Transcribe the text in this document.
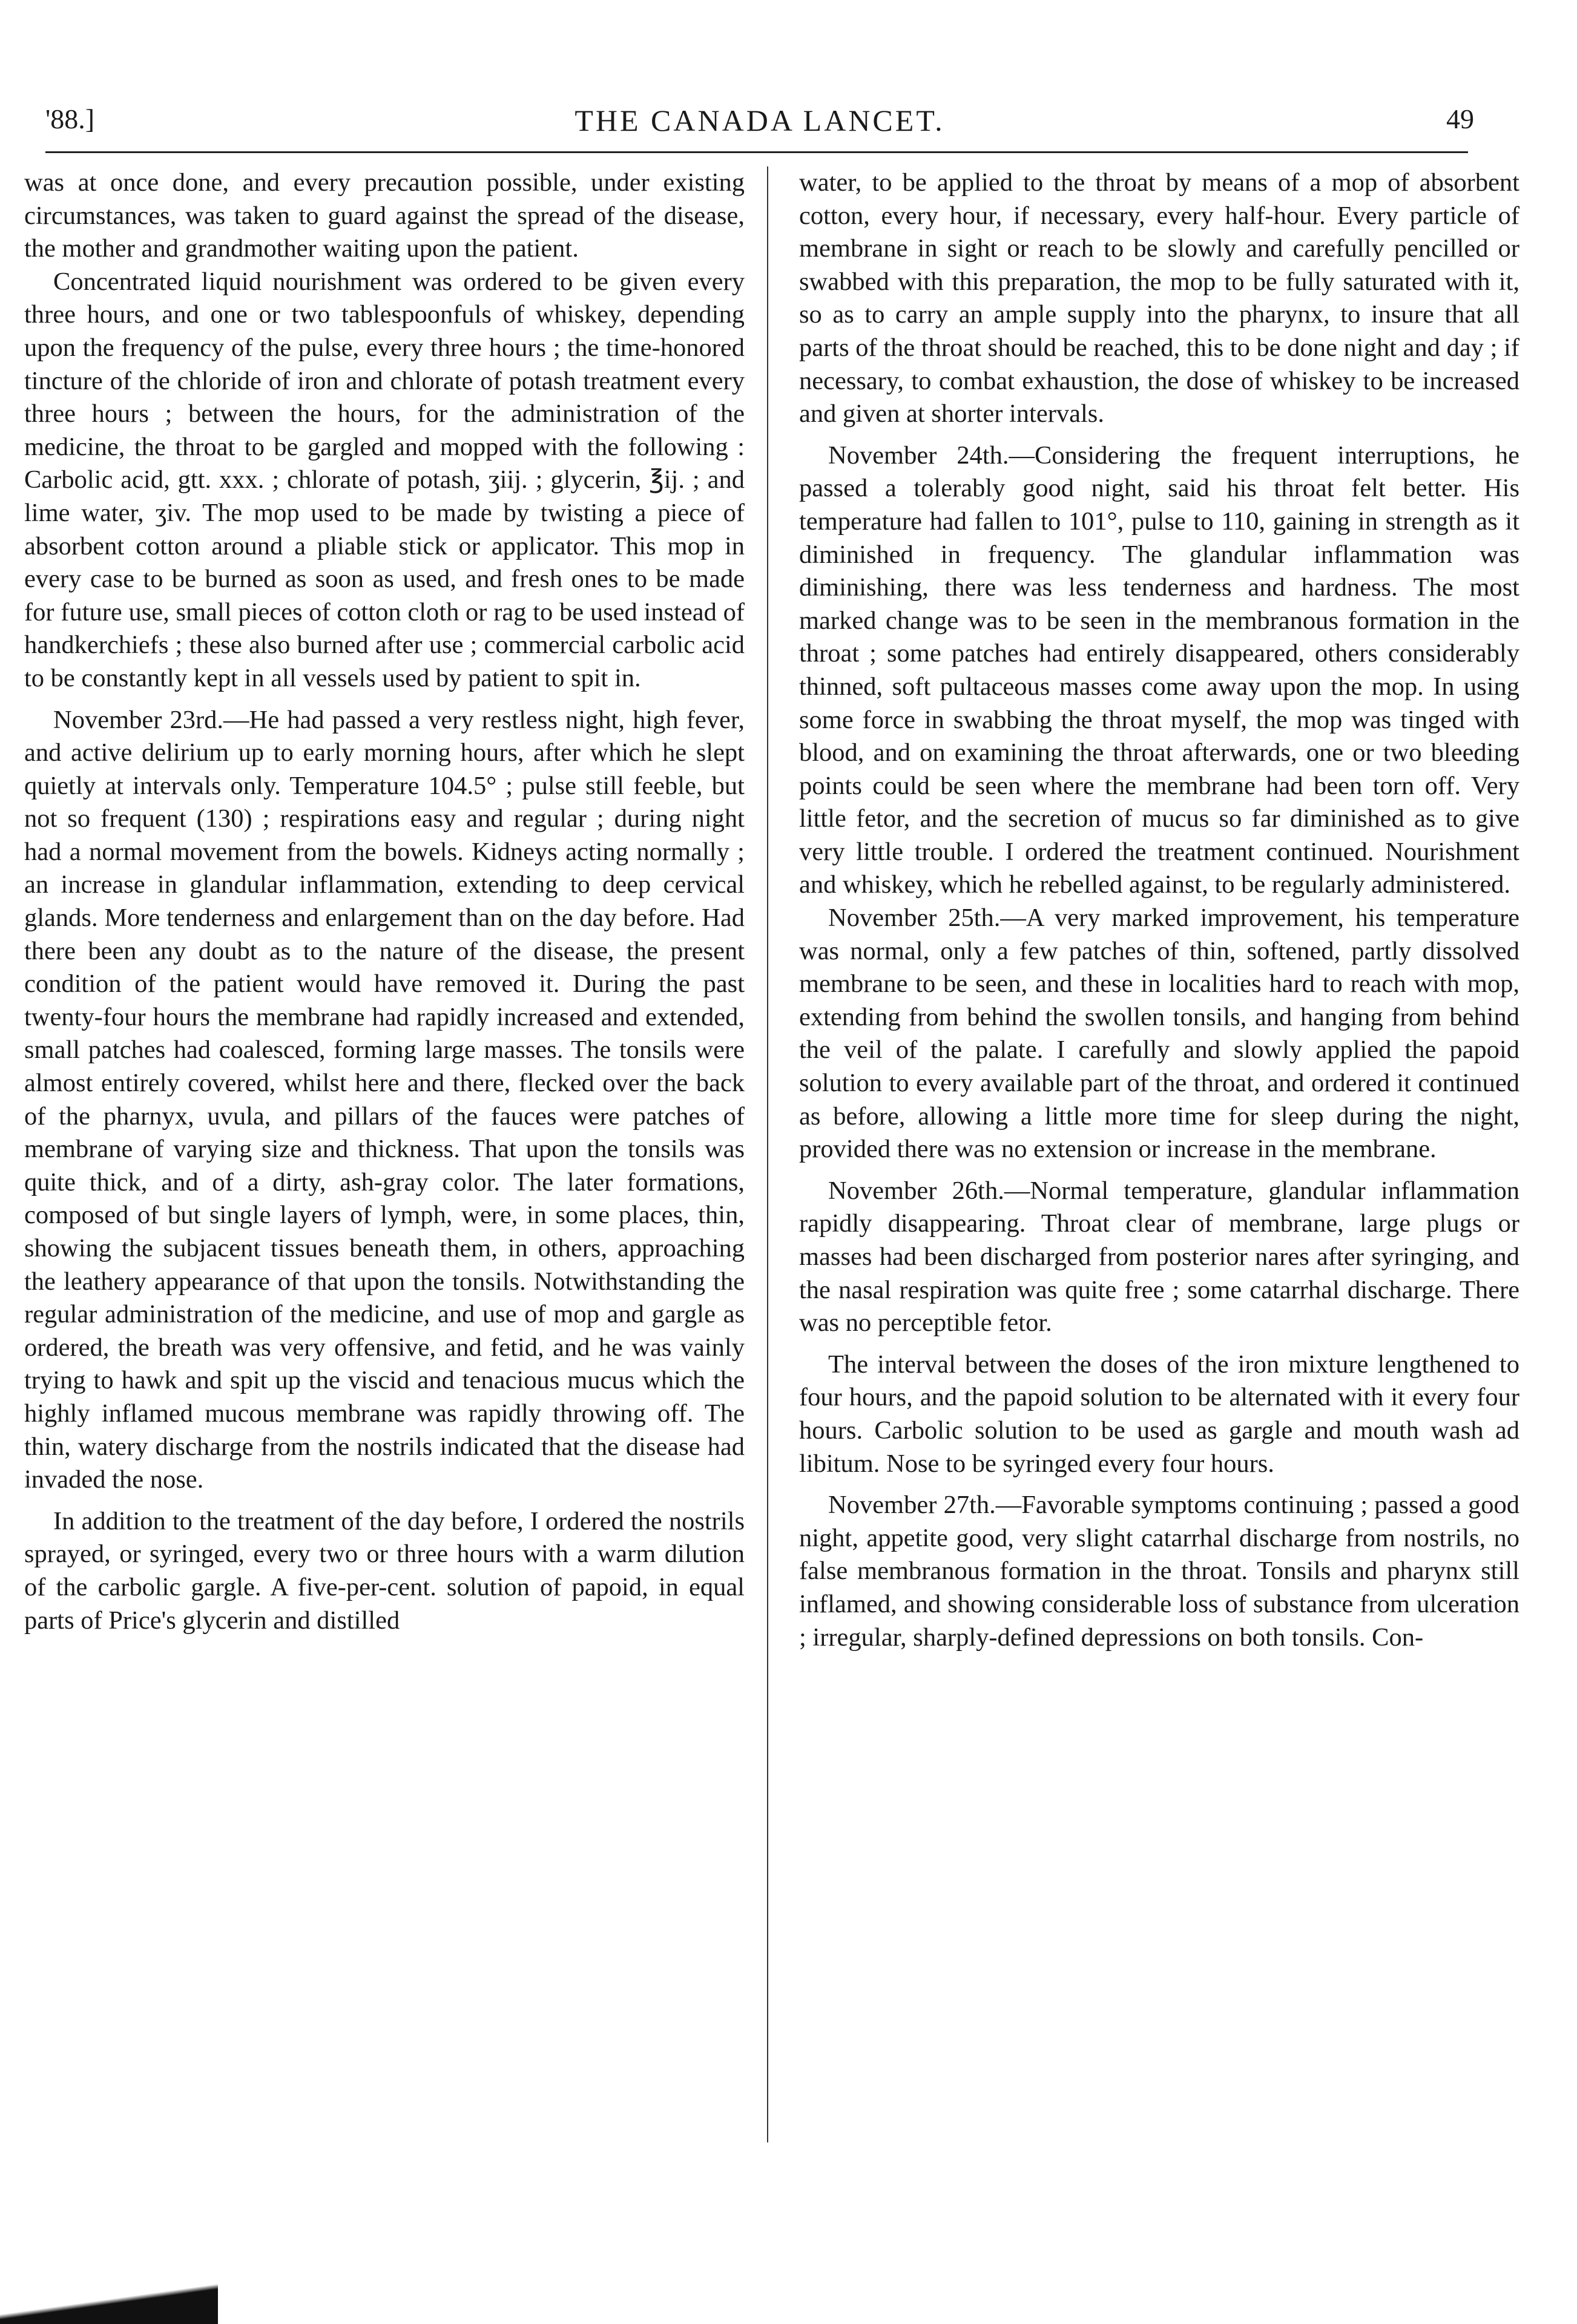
'88.]	THE CANADA LANCET.	49

was at once done, and every precaution possible, under existing circumstances, was taken to guard against the spread of the disease, the mother and grandmother waiting upon the patient.

Concentrated liquid nourishment was ordered to be given every three hours, and one or two tablespoonfuls of whiskey, depending upon the frequency of the pulse, every three hours ; the time-honored tincture of the chloride of iron and chlorate of potash treatment every three hours ; between the hours, for the administration of the medicine, the throat to be gargled and mopped with the following : Carbolic acid, gtt. xxx. ; chlorate of potash, ʒiij. ; glycerin, ℥ij. ; and lime water, ʒiv. The mop used to be made by twisting a piece of absorbent cotton around a pliable stick or applicator. This mop in every case to be burned as soon as used, and fresh ones to be made for future use, small pieces of cotton cloth or rag to be used instead of handkerchiefs ; these also burned after use ; commercial carbolic acid to be constantly kept in all vessels used by patient to spit in.

November 23rd.—He had passed a very restless night, high fever, and active delirium up to early morning hours, after which he slept quietly at intervals only. Temperature 104.5° ; pulse still feeble, but not so frequent (130) ; respirations easy and regular ; during night had a normal movement from the bowels. Kidneys acting normally ; an increase in glandular inflammation, extending to deep cervical glands. More tenderness and enlargement than on the day before. Had there been any doubt as to the nature of the disease, the present condition of the patient would have removed it. During the past twenty-four hours the membrane had rapidly increased and extended, small patches had coalesced, forming large masses. The tonsils were almost entirely covered, whilst here and there, flecked over the back of the pharnyx, uvula, and pillars of the fauces were patches of membrane of varying size and thickness. That upon the tonsils was quite thick, and of a dirty, ash-gray color. The later formations, composed of but single layers of lymph, were, in some places, thin, showing the subjacent tissues beneath them, in others, approaching the leathery appearance of that upon the tonsils. Notwithstanding the regular administration of the medicine, and use of mop and gargle as ordered, the breath was very offensive, and fetid, and he was vainly trying to hawk and spit up the viscid and tenacious mucus which the highly inflamed mucous membrane was rapidly throwing off. The thin, watery discharge from the nostrils indicated that the disease had invaded the nose.

In addition to the treatment of the day before, I ordered the nostrils sprayed, or syringed, every two or three hours with a warm dilution of the carbolic gargle. A five-per-cent. solution of papoid, in equal parts of Price's glycerin and distilled

water, to be applied to the throat by means of a mop of absorbent cotton, every hour, if necessary, every half-hour. Every particle of membrane in sight or reach to be slowly and carefully pencilled or swabbed with this preparation, the mop to be fully saturated with it, so as to carry an ample supply into the pharynx, to insure that all parts of the throat should be reached, this to be done night and day ; if necessary, to combat exhaustion, the dose of whiskey to be increased and given at shorter intervals.

November 24th.—Considering the frequent interruptions, he passed a tolerably good night, said his throat felt better. His temperature had fallen to 101°, pulse to 110, gaining in strength as it diminished in frequency. The glandular inflammation was diminishing, there was less tenderness and hardness. The most marked change was to be seen in the membranous formation in the throat ; some patches had entirely disappeared, others considerably thinned, soft pultaceous masses come away upon the mop. In using some force in swabbing the throat myself, the mop was tinged with blood, and on examining the throat afterwards, one or two bleeding points could be seen where the membrane had been torn off. Very little fetor, and the secretion of mucus so far diminished as to give very little trouble. I ordered the treatment continued. Nourishment and whiskey, which he rebelled against, to be regularly administered.

November 25th.—A very marked improvement, his temperature was normal, only a few patches of thin, softened, partly dissolved membrane to be seen, and these in localities hard to reach with mop, extending from behind the swollen tonsils, and hanging from behind the veil of the palate. I carefully and slowly applied the papoid solution to every available part of the throat, and ordered it continued as before, allowing a little more time for sleep during the night, provided there was no extension or increase in the membrane.

November 26th.—Normal temperature, glandular inflammation rapidly disappearing. Throat clear of membrane, large plugs or masses had been discharged from posterior nares after syringing, and the nasal respiration was quite free ; some catarrhal discharge. There was no perceptible fetor.

The interval between the doses of the iron mixture lengthened to four hours, and the papoid solution to be alternated with it every four hours. Carbolic solution to be used as gargle and mouth wash ad libitum. Nose to be syringed every four hours.

November 27th.—Favorable symptoms continuing ; passed a good night, appetite good, very slight catarrhal discharge from nostrils, no false membranous formation in the throat. Tonsils and pharynx still inflamed, and showing considerable loss of substance from ulceration ; irregular, sharply-defined depressions on both tonsils. Con-
